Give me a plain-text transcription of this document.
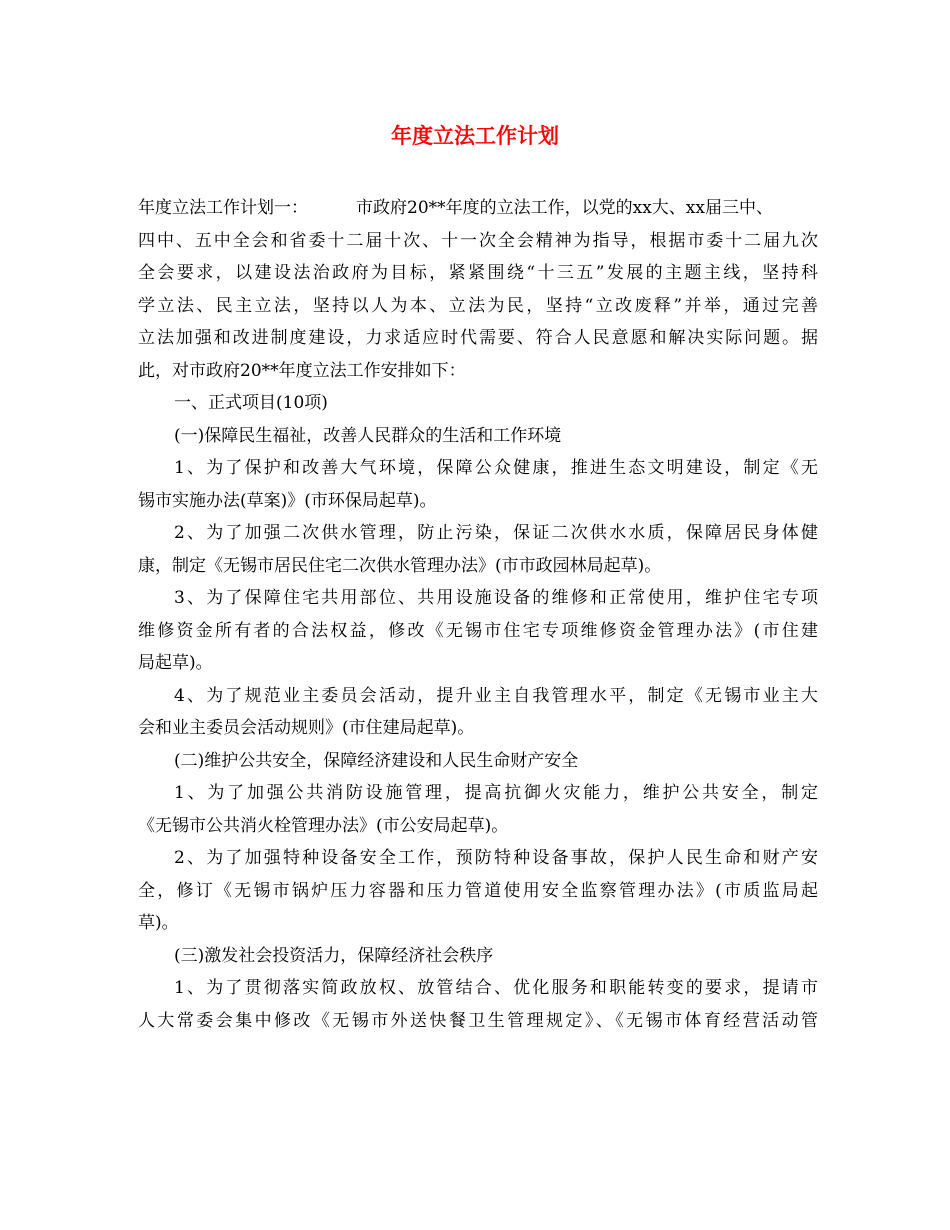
年度立法工作计划
年度立法工作计划一：	市政府20**年度的立法工作，以党的xx大、xx届三中、
四中、五中全会和省委十二届十次、十一次全会精神为指导，根据市委十二届九次
全会要求，以建设法治政府为目标，紧紧围绕“十三五”发展的主题主线，坚持科
学立法、民主立法，坚持以人为本、立法为民，坚持“立改废释”并举，通过完善
立法加强和改进制度建设，力求适应时代需要、符合人民意愿和解决实际问题。据
此，对市政府20**年度立法工作安排如下：
一、正式项目(10项)
(一)保障民生福祉，改善人民群众的生活和工作环境
1、为了保护和改善大气环境，保障公众健康，推进生态文明建设，制定《无
锡市实施办法(草案)》(市环保局起草)。
2、为了加强二次供水管理，防止污染，保证二次供水水质，保障居民身体健
康，制定《无锡市居民住宅二次供水管理办法》(市市政园林局起草)。
3、为了保障住宅共用部位、共用设施设备的维修和正常使用，维护住宅专项
维修资金所有者的合法权益，修改《无锡市住宅专项维修资金管理办法》(市住建
局起草)。
4、为了规范业主委员会活动，提升业主自我管理水平，制定《无锡市业主大
会和业主委员会活动规则》(市住建局起草)。
(二)维护公共安全，保障经济建设和人民生命财产安全
1、为了加强公共消防设施管理，提高抗御火灾能力，维护公共安全，制定
《无锡市公共消火栓管理办法》(市公安局起草)。
2、为了加强特种设备安全工作，预防特种设备事故，保护人民生命和财产安
全，修订《无锡市锅炉压力容器和压力管道使用安全监察管理办法》(市质监局起
草)。
(三)激发社会投资活力，保障经济社会秩序
1、为了贯彻落实简政放权、放管结合、优化服务和职能转变的要求，提请市
人大常委会集中修改《无锡市外送快餐卫生管理规定》、《无锡市体育经营活动管
